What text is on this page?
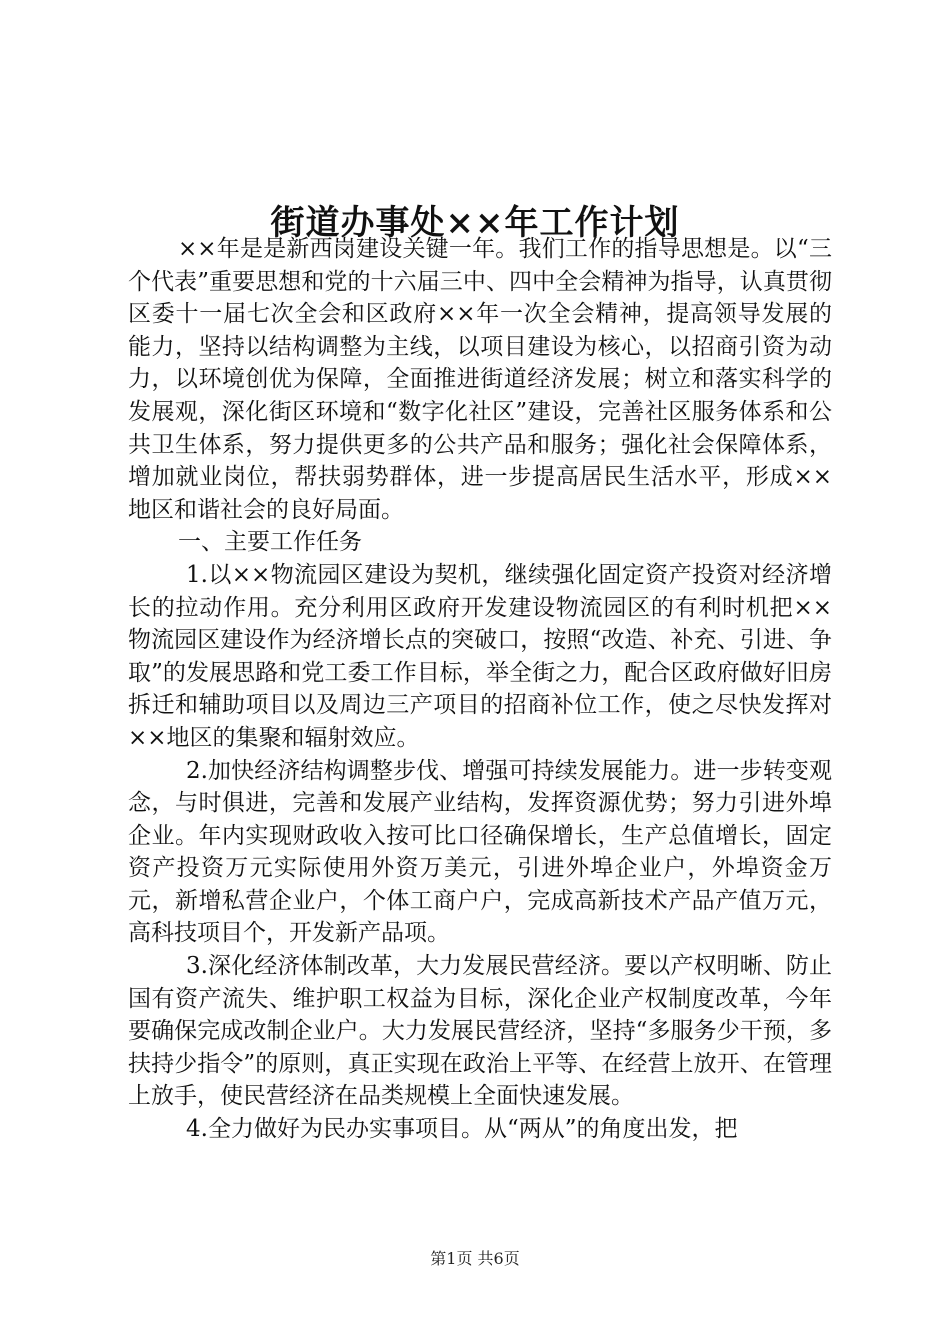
街道办事处××年工作计划

××年是是新西岗建设关键一年。我们工作的指导思想是。以“三个代表”重要思想和党的十六届三中、四中全会精神为指导，认真贯彻区委十一届七次全会和区政府××年一次全会精神，提高领导发展的能力，坚持以结构调整为主线，以项目建设为核心，以招商引资为动力，以环境创优为保障，全面推进街道经济发展；树立和落实科学的发展观，深化街区环境和“数字化社区”建设，完善社区服务体系和公共卫生体系，努力提供更多的公共产品和服务；强化社会保障体系，增加就业岗位，帮扶弱势群体，进一步提高居民生活水平，形成××地区和谐社会的良好局面。

一、主要工作任务

1.以××物流园区建设为契机，继续强化固定资产投资对经济增长的拉动作用。充分利用区政府开发建设物流园区的有利时机把××物流园区建设作为经济增长点的突破口，按照“改造、补充、引进、争取”的发展思路和党工委工作目标，举全街之力，配合区政府做好旧房拆迁和辅助项目以及周边三产项目的招商补位工作，使之尽快发挥对××地区的集聚和辐射效应。

2.加快经济结构调整步伐、增强可持续发展能力。进一步转变观念，与时俱进，完善和发展产业结构，发挥资源优势；努力引进外埠企业。年内实现财政收入按可比口径确保增长，生产总值增长，固定资产投资万元实际使用外资万美元，引进外埠企业户，外埠资金万元，新增私营企业户，个体工商户户，完成高新技术产品产值万元，高科技项目个，开发新产品项。

3.深化经济体制改革，大力发展民营经济。要以产权明晰、防止国有资产流失、维护职工权益为目标，深化企业产权制度改革，今年要确保完成改制企业户。大力发展民营经济，坚持“多服务少干预，多扶持少指令”的原则，真正实现在政治上平等、在经营上放开、在管理上放手，使民营经济在品类规模上全面快速发展。

4.全力做好为民办实事项目。从“两从”的角度出发，把

第1页 共6页
